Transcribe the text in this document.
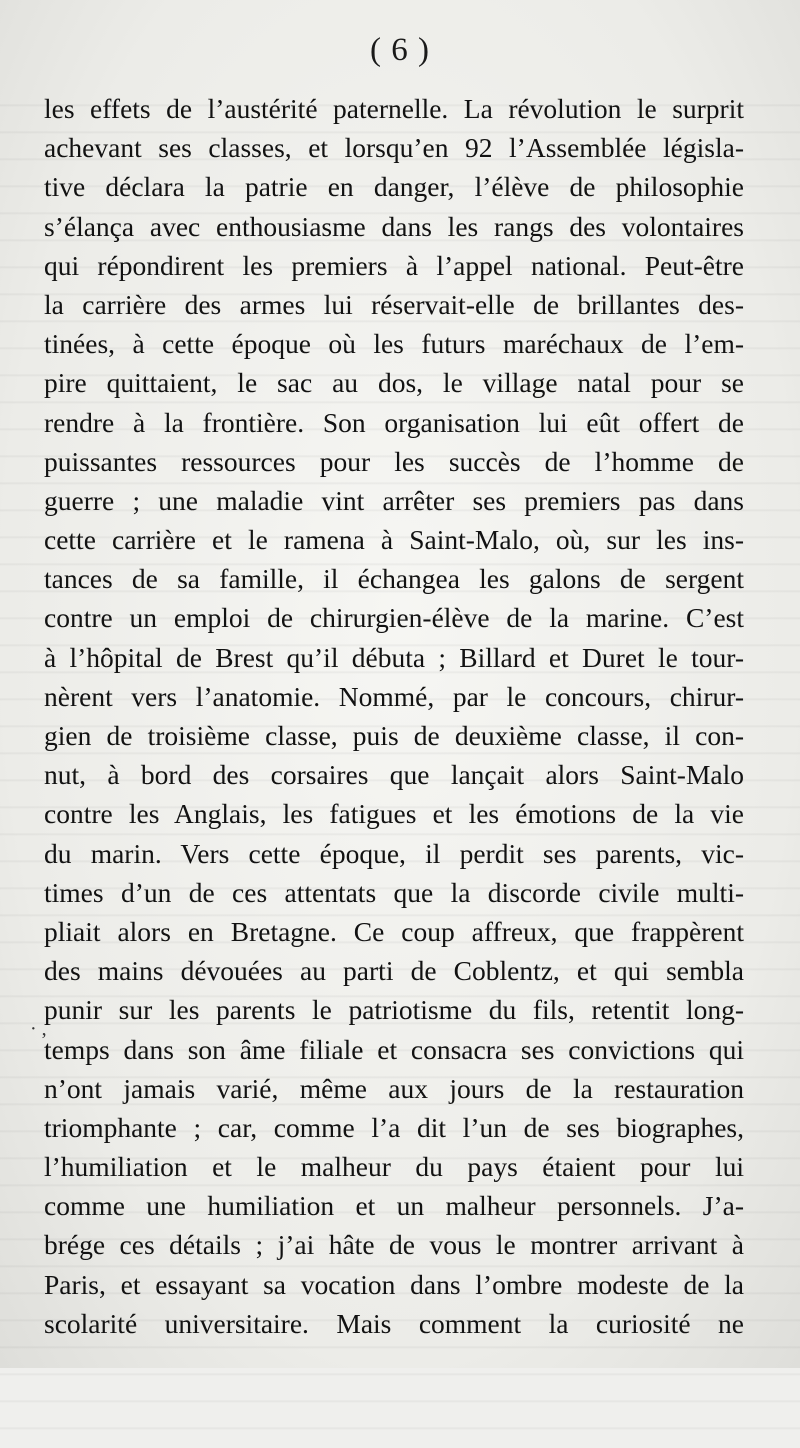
( 6 )
· ,
les effets de l’austérité paternelle. La révolution le surprit
achevant ses classes, et lorsqu’en 92 l’Assemblée législa-
tive déclara la patrie en danger, l’élève de philosophie
s’élança avec enthousiasme dans les rangs des volontaires
qui répondirent les premiers à l’appel national. Peut-être
la carrière des armes lui réservait-elle de brillantes des-
tinées, à cette époque où les futurs maréchaux de l’em-
pire quittaient, le sac au dos, le village natal pour se
rendre à la frontière. Son organisation lui eût offert de
puissantes ressources pour les succès de l’homme de
guerre ; une maladie vint arrêter ses premiers pas dans
cette carrière et le ramena à Saint-Malo, où, sur les ins-
tances de sa famille, il échangea les galons de sergent
contre un emploi de chirurgien-élève de la marine. C’est
à l’hôpital de Brest qu’il débuta ; Billard et Duret le tour-
nèrent vers l’anatomie. Nommé, par le concours, chirur-
gien de troisième classe, puis de deuxième classe, il con-
nut, à bord des corsaires que lançait alors Saint-Malo
contre les Anglais, les fatigues et les émotions de la vie
du marin. Vers cette époque, il perdit ses parents, vic-
times d’un de ces attentats que la discorde civile multi-
pliait alors en Bretagne. Ce coup affreux, que frappèrent
des mains dévouées au parti de Coblentz, et qui sembla
punir sur les parents le patriotisme du fils, retentit long-
temps dans son âme filiale et consacra ses convictions qui
n’ont jamais varié, même aux jours de la restauration
triomphante ; car, comme l’a dit l’un de ses biographes,
l’humiliation et le malheur du pays étaient pour lui
comme une humiliation et un malheur personnels. J’a-
brége ces détails ; j’ai hâte de vous le montrer arrivant à
Paris, et essayant sa vocation dans l’ombre modeste de la
scolarité universitaire. Mais comment la curiosité ne
